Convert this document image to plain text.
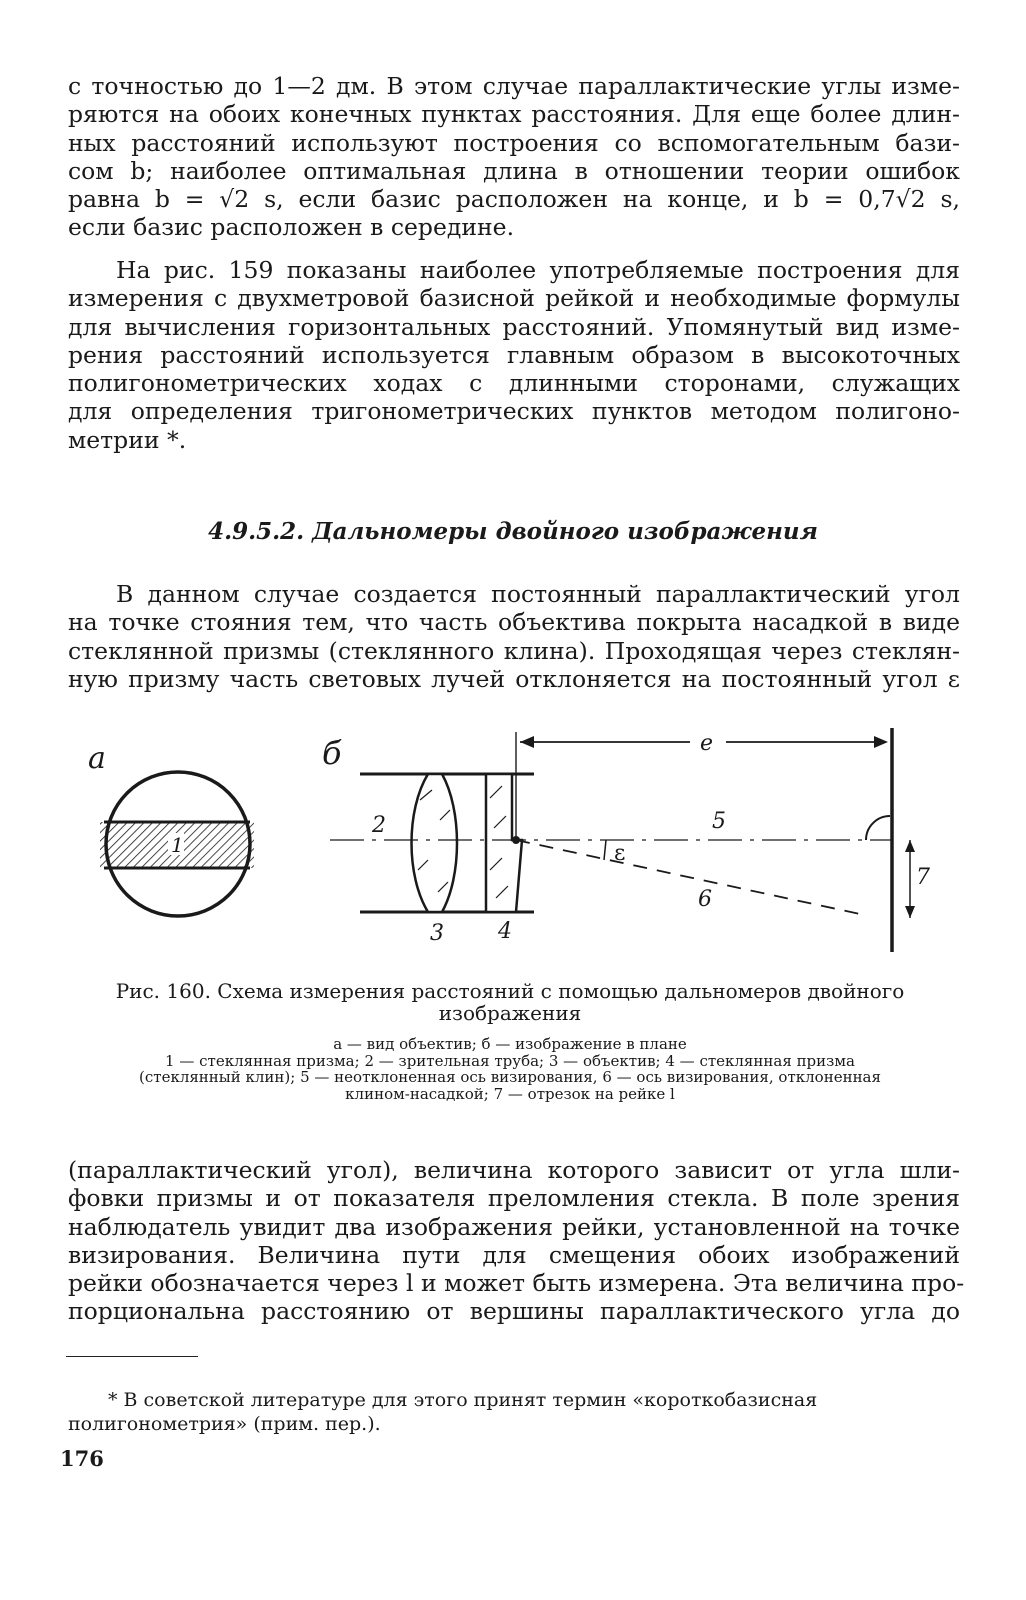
с точностью до 1—2 дм. В этом случае параллактические углы изме-
ряются на обоих конечных пунктах расстояния. Для еще более длин-
ных расстояний используют построения со вспомогательным бази-
сом b; наиболее оптимальная длина в отношении теории ошибок
равна b = √2 s, если базис расположен на конце, и b = 0,7√2 s,
если базис расположен в середине.

На рис. 159 показаны наиболее употребляемые построения для
измерения с двухметровой базисной рейкой и необходимые формулы
для вычисления горизонтальных расстояний. Упомянутый вид изме-
рения расстояний используется главным образом в высокоточных
полигонометрических ходах с длинными сторонами, служащих
для определения тригонометрических пунктов методом полигоно-
метрии *.

4.9.5.2. Дальномеры двойного изображения

В данном случае создается постоянный параллактический угол
на точке стояния тем, что часть объектива покрыта насадкой в виде
стеклянной призмы (стеклянного клина). Проходящая через стеклян-
ную призму часть световых лучей отклоняется на постоянный угол ε

а
1
б
ε
e
2
3 4
5
6
7

Рис. 160. Схема измерения расстояний с помощью дальномеров двойного изображения

а — вид объектив; б — изображение в плане
1 — стеклянная призма; 2 — зрительная труба; 3 — объектив; 4 — стеклянная призма
(стеклянный клин); 5 — неотклоненная ось визирования, 6 — ось визирования, отклоненная
клином-насадкой; 7 — отрезок на рейке l

(параллактический угол), величина которого зависит от угла шли-
фовки призмы и от показателя преломления стекла. В поле зрения
наблюдатель увидит два изображения рейки, установленной на точке
визирования. Величина пути для смещения обоих изображений
рейки обозначается через l и может быть измерена. Эта величина про-
порциональна расстоянию от вершины параллактического угла до

* В советской литературе для этого принят термин «короткобазисная
полигонометрия» (прим. пер.).

176
